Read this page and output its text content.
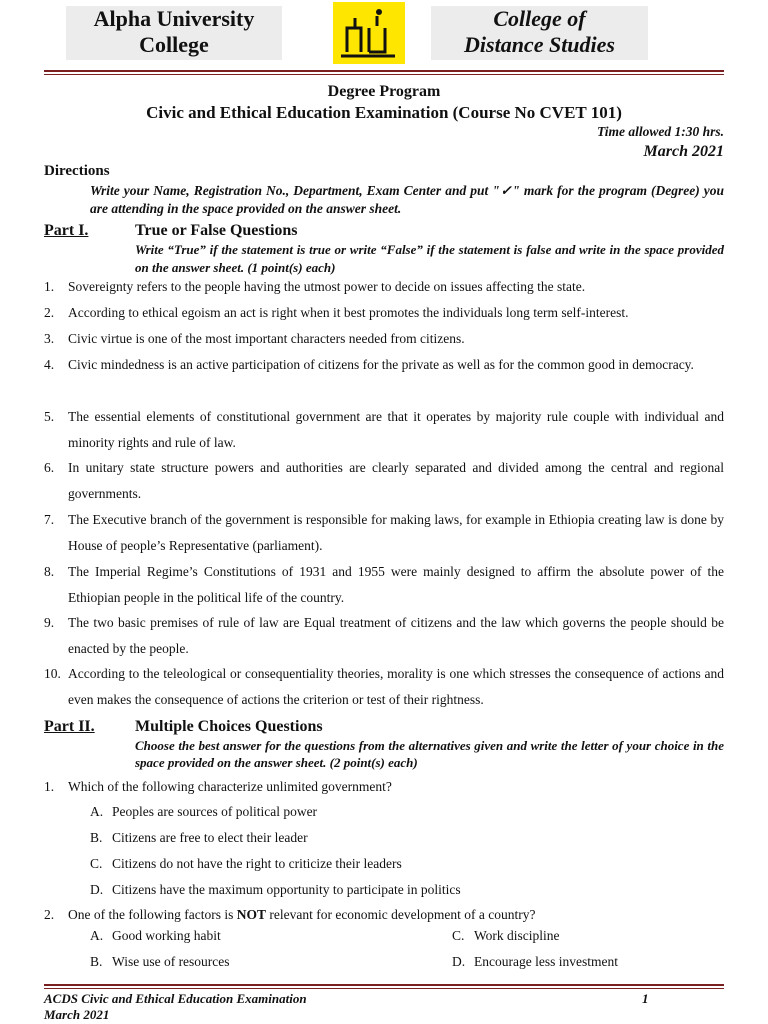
Alpha University
College
College of
Distance Studies
Degree Program
Civic and Ethical Education Examination (Course No CVET 101)
Time allowed 1:30 hrs.
March 2021
Directions
Write your Name, Registration No., Department, Exam Center and put "✓" mark for the program (Degree) you are attending in the space provided on the answer sheet.
Part I.	True or False Questions
Write “True” if the statement is true or write “False” if the statement is false and write in the space provided on the answer sheet. (1 point(s) each)
1. Sovereignty refers to the people having the utmost power to decide on issues affecting the state.
2. According to ethical egoism an act is right when it best promotes the individuals long term self-interest.
3. Civic virtue is one of the most important characters needed from citizens.
4. Civic mindedness is an active participation of citizens for the private as well as for the common good in democracy.
5. The essential elements of constitutional government are that it operates by majority rule couple with individual and minority rights and rule of law.
6. In unitary state structure powers and authorities are clearly separated and divided among the central and regional governments.
7. The Executive branch of the government is responsible for making laws, for example in Ethiopia creating law is done by House of people’s Representative (parliament).
8. The Imperial Regime’s Constitutions of 1931 and 1955 were mainly designed to affirm the absolute power of the Ethiopian people in the political life of the country.
9. The two basic premises of rule of law are Equal treatment of citizens and the law which governs the people should be enacted by the people.
10. According to the teleological or consequentiality theories, morality is one which stresses the consequence of actions and even makes the consequence of actions the criterion or test of their rightness.
Part II.	Multiple Choices Questions
Choose the best answer for the questions from the alternatives given and write the letter of your choice in the space provided on the answer sheet. (2 point(s) each)
1. Which of the following characterize unlimited government?
A. Peoples are sources of political power
B. Citizens are free to elect their leader
C. Citizens do not have the right to criticize their leaders
D. Citizens have the maximum opportunity to participate in politics
2. One of the following factors is NOT relevant for economic development of a country?
A. Good working habit	C. Work discipline
B. Wise use of resources	D. Encourage less investment
ACDS Civic and Ethical Education Examination	1
March 2021
